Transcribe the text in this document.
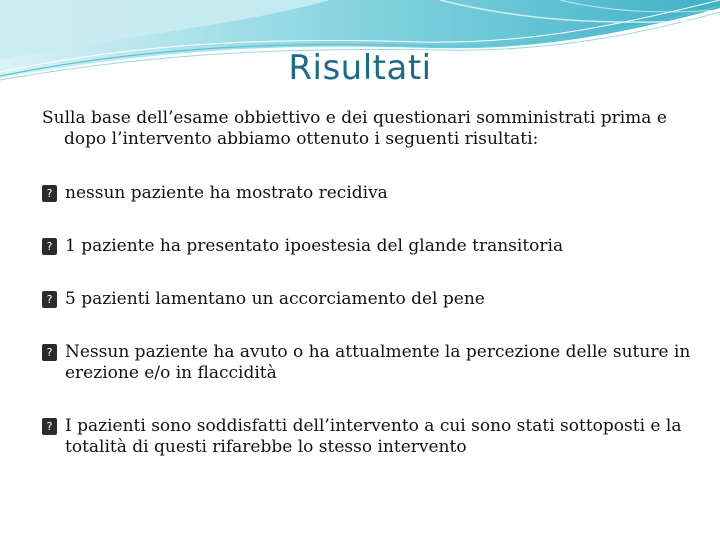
Risultati
Sulla base dell’esame obbiettivo e dei questionari somministrati prima e dopo l’intervento abbiamo ottenuto i seguenti risultati:
? nessun paziente ha mostrato recidiva
? 1 paziente ha presentato ipoestesia del glande transitoria
? 5 pazienti lamentano un accorciamento del pene
? Nessun paziente ha avuto o ha attualmente la percezione delle suture in erezione e/o in flaccidità
? I pazienti sono soddisfatti dell’intervento a cui sono stati sottoposti e la totalità di questi rifarebbe lo stesso intervento
